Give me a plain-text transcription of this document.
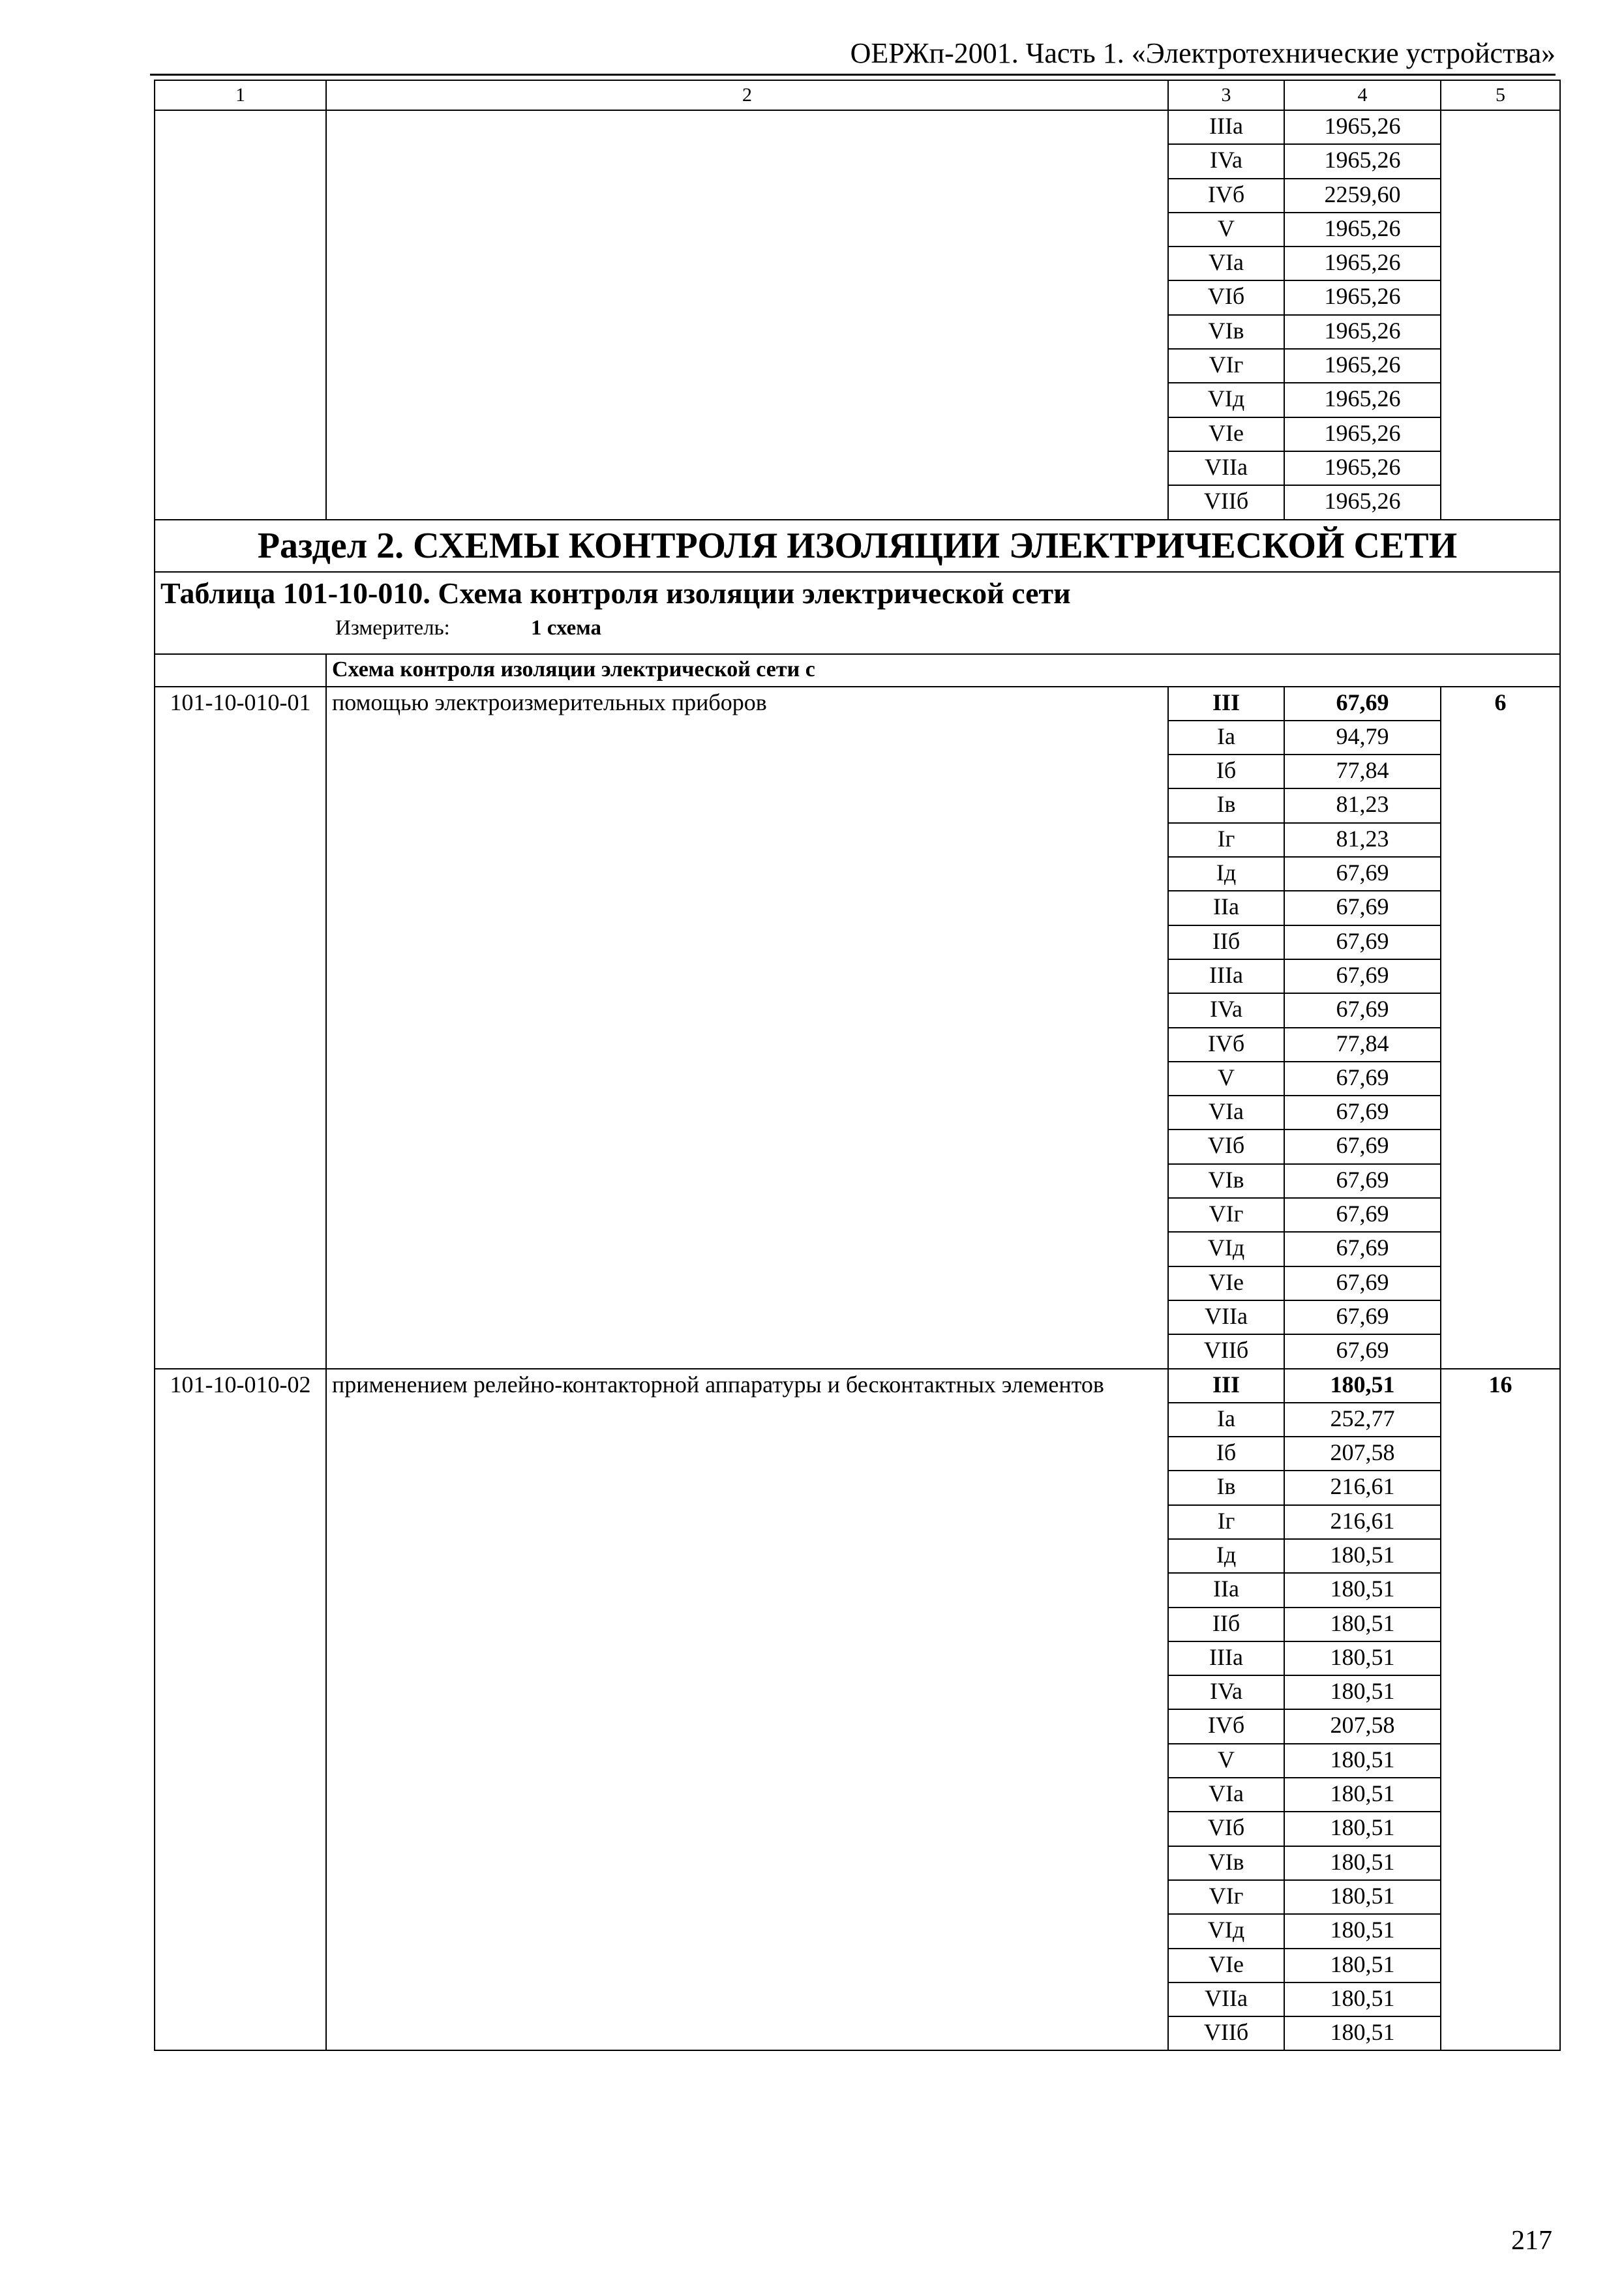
ОЕРЖп-2001. Часть 1. «Электротехнические устройства»
1	2	3	4	5
		IIIa	1965,26	
		IVa	1965,26	
		IVб	2259,60	
		V	1965,26	
		VIa	1965,26	
		VIб	1965,26	
		VIв	1965,26	
		VIг	1965,26	
		VIд	1965,26	
		VIe	1965,26	
		VIIa	1965,26	
		VIIб	1965,26	
Раздел 2. СХЕМЫ КОНТРОЛЯ ИЗОЛЯЦИИ ЭЛЕКТРИЧЕСКОЙ СЕТИ				

Таблица 101-10-010. Схема контроля изоляции электрической сети
Измеритель: 1 схема				

	Схема контроля изоляции электрической сети с			
101-10-010-01	помощью электроизмерительных приборов	III	67,69	6
		Ia	94,79	
		Iб	77,84	
		Iв	81,23	
		Iг	81,23	
		Iд	67,69	
		IIa	67,69	
		IIб	67,69	
		IIIa	67,69	
		IVa	67,69	
		IVб	77,84	
		V	67,69	
		VIa	67,69	
		VIб	67,69	
		VIв	67,69	
		VIг	67,69	
		VIд	67,69	
		VIe	67,69	
		VIIa	67,69	
		VIIб	67,69	
101-10-010-02	применением релейно-контакторной аппаратуры и бесконтактных элементов	III	180,51	16
		Ia	252,77	
		Iб	207,58	
		Iв	216,61	
		Iг	216,61	
		Iд	180,51	
		IIa	180,51	
		IIб	180,51	
		IIIa	180,51	
		IVa	180,51	
		IVб	207,58	
		V	180,51	
		VIa	180,51	
		VIб	180,51	
		VIв	180,51	
		VIг	180,51	
		VIд	180,51	
		VIe	180,51	
		VIIa	180,51	
		VIIб	180,51	
217
